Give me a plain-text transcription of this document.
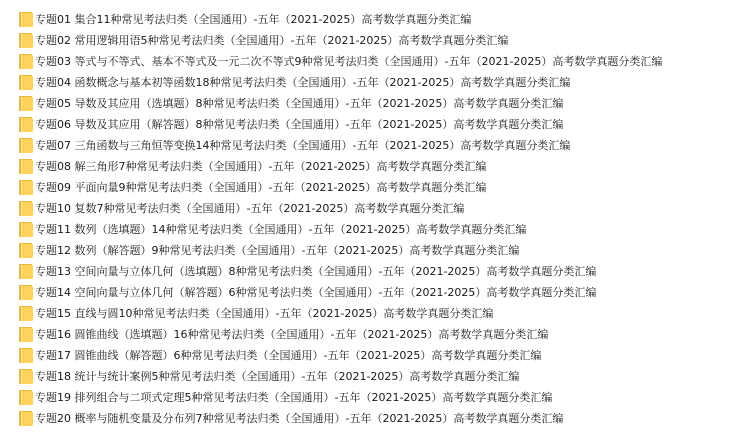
专题01 集合11种常见考法归类（全国通用）-五年（2021-2025）高考数学真题分类汇编
专题02 常用逻辑用语5种常见考法归类（全国通用）-五年（2021-2025）高考数学真题分类汇编
专题03 等式与不等式、基本不等式及一元二次不等式9种常见考法归类（全国通用）-五年（2021-2025）高考数学真题分类汇编
专题04 函数概念与基本初等函数18种常见考法归类（全国通用）-五年（2021-2025）高考数学真题分类汇编
专题05 导数及其应用（选填题）8种常见考法归类（全国通用）-五年（2021-2025）高考数学真题分类汇编
专题06 导数及其应用（解答题）8种常见考法归类（全国通用）-五年（2021-2025）高考数学真题分类汇编
专题07 三角函数与三角恒等变换14种常见考法归类（全国通用）-五年（2021-2025）高考数学真题分类汇编
专题08 解三角形7种常见考法归类（全国通用）-五年（2021-2025）高考数学真题分类汇编
专题09 平面向量9种常见考法归类（全国通用）-五年（2021-2025）高考数学真题分类汇编
专题10 复数7种常见考法归类（全国通用）-五年（2021-2025）高考数学真题分类汇编
专题11 数列（选填题）14种常见考法归类（全国通用）-五年（2021-2025）高考数学真题分类汇编
专题12 数列（解答题）9种常见考法归类（全国通用）-五年（2021-2025）高考数学真题分类汇编
专题13 空间向量与立体几何（选填题）8种常见考法归类（全国通用）-五年（2021-2025）高考数学真题分类汇编
专题14 空间向量与立体几何（解答题）6种常见考法归类（全国通用）-五年（2021-2025）高考数学真题分类汇编
专题15 直线与圆10种常见考法归类（全国通用）-五年（2021-2025）高考数学真题分类汇编
专题16 圆锥曲线（选填题）16种常见考法归类（全国通用）-五年（2021-2025）高考数学真题分类汇编
专题17 圆锥曲线（解答题）6种常见考法归类（全国通用）-五年（2021-2025）高考数学真题分类汇编
专题18 统计与统计案例5种常见考法归类（全国通用）-五年（2021-2025）高考数学真题分类汇编
专题19 排列组合与二项式定理5种常见考法归类（全国通用）-五年（2021-2025）高考数学真题分类汇编
专题20 概率与随机变量及分布列7种常见考法归类（全国通用）-五年（2021-2025）高考数学真题分类汇编
